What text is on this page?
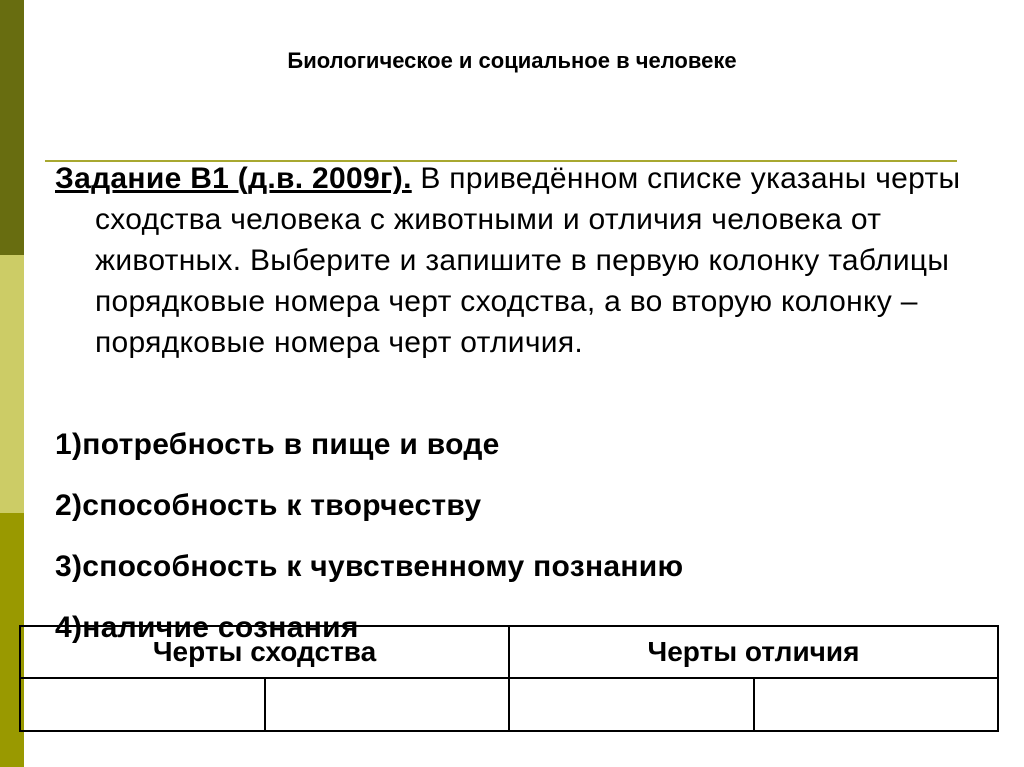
Биологическое и социальное в человеке

Задание В1 (д.в. 2009г). В приведённом списке указаны черты сходства человека с животными и отличия человека от животных. Выберите и запишите в первую колонку таблицы порядковые номера черт сходства, а во вторую колонку – порядковые номера черт отличия.

1)потребность в пище и воде
2)способность к творчеству
3)способность к чувственному познанию
4)наличие сознания
Черты сходства		Черты отличия	
